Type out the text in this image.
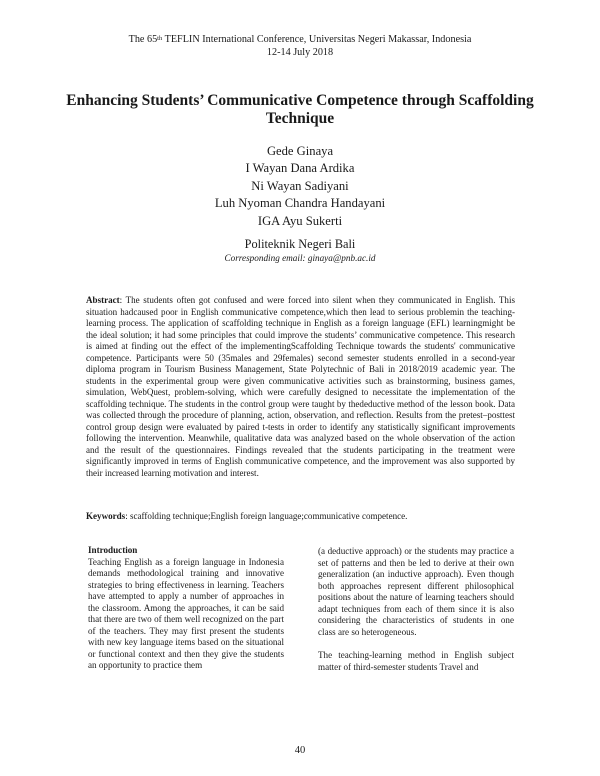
The 65th TEFLIN International Conference, Universitas Negeri Makassar, Indonesia
12-14 July 2018
Enhancing Students’ Communicative Competence through Scaffolding Technique
Gede Ginaya
I Wayan Dana Ardika
Ni Wayan Sadiyani
Luh Nyoman Chandra Handayani
IGA Ayu Sukerti
Politeknik Negeri Bali
Corresponding email: ginaya@pnb.ac.id

Abstract: The students often got confused and were forced into silent when they communicated in English. This situation hadcaused poor in English communicative competence,which then lead to serious problemin the teaching-learning process. The application of scaffolding technique in English as a foreign language (EFL) learningmight be the ideal solution; it had some principles that could improve the students’ communicative competence. This research is aimed at finding out the effect of the implementingScaffolding Technique towards the students' communicative competence. Participants were 50 (35males and 29females) second semester students enrolled in a second-year diploma program in Tourism Business Management, State Polytechnic of Bali in 2018/2019 academic year. The students in the experimental group were given communicative activities such as brainstorming, business games, simulation, WebQuest, problem-solving, which were carefully designed to necessitate the implementation of the scaffolding technique. The students in the control group were taught by thedeductive method of the lesson book. Data was collected through the procedure of planning, action, observation, and reflection. Results from the pretest–posttest control group design were evaluated by paired t-tests in order to identify any statistically significant improvements following the intervention. Meanwhile, qualitative data was analyzed based on the whole observation of the action and the result of the questionnaires. Findings revealed that the students participating in the treatment were significantly improved in terms of English communicative competence, and the improvement was also supported by their increased learning motivation and interest.

Keywords: scaffolding technique;English foreign language;communicative competence.

Introduction

Teaching English as a foreign language in Indonesia demands methodological training and innovative strategies to bring effectiveness in learning. Teachers have attempted to apply a number of approaches in the classroom. Among the approaches, it can be said that there are two of them well recognized on the part of the teachers. They may first present the students with new key language items based on the situational or functional context and then they give the students an opportunity to practice them

(a deductive approach) or the students may practice a set of patterns and then be led to derive at their own generalization (an inductive approach). Even though both approaches represent different philosophical positions about the nature of learning teachers should adapt techniques from each of them since it is also considering the characteristics of students in one class are so heterogeneous.

The teaching-learning method in English subject matter of third-semester students Travel and

40
